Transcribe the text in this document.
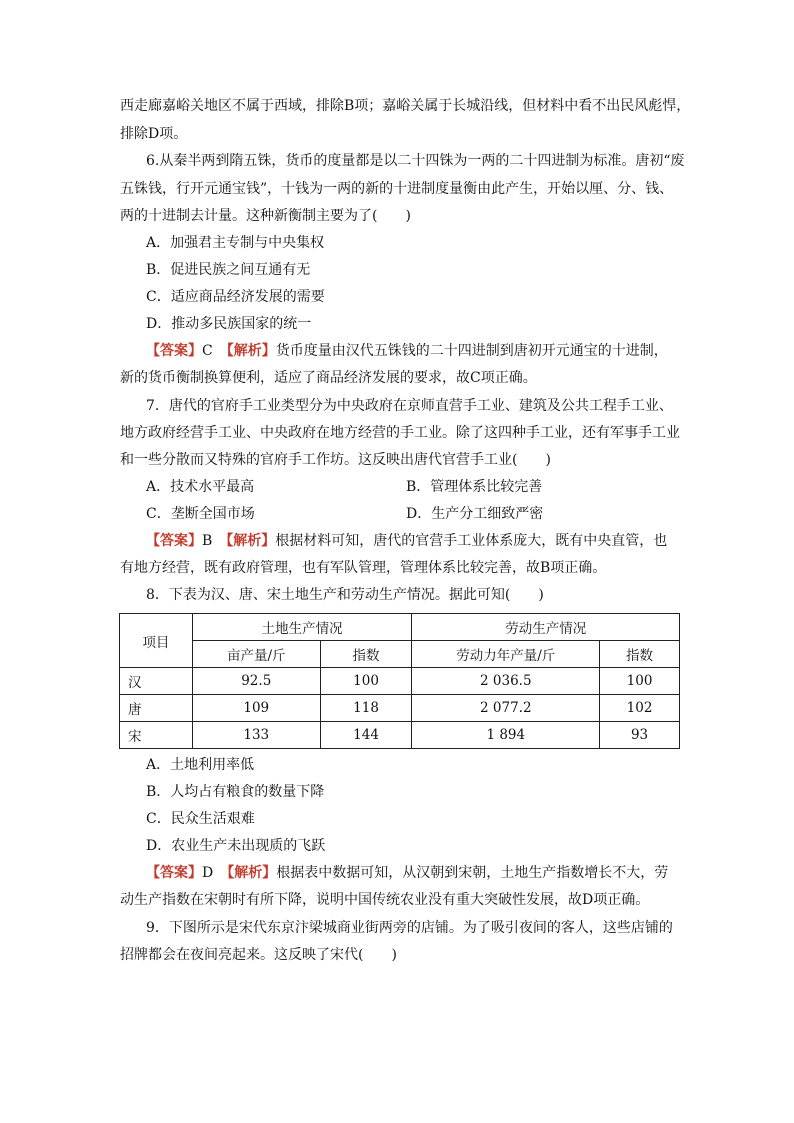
西走廊嘉峪关地区不属于西域，排除B项；嘉峪关属于长城沿线，但材料中看不出民风彪悍，
排除D项。
6.从秦半两到隋五铢，货币的度量都是以二十四铢为一两的二十四进制为标准。唐初“废
五铢钱，行开元通宝钱”，十钱为一两的新的十进制度量衡由此产生，开始以厘、分、钱、
两的十进制去计量。这种新衡制主要为了(　　)
A．加强君主专制与中央集权
B．促进民族之间互通有无
C．适应商品经济发展的需要
D．推动多民族国家的统一
【答案】C　【解析】货币度量由汉代五铢钱的二十四进制到唐初开元通宝的十进制，
新的货币衡制换算便利，适应了商品经济发展的要求，故C项正确。
7．唐代的官府手工业类型分为中央政府在京师直营手工业、建筑及公共工程手工业、
地方政府经营手工业、中央政府在地方经营的手工业。除了这四种手工业，还有军事手工业
和一些分散而又特殊的官府手工作坊。这反映出唐代官营手工业(　　)
A．技术水平最高	B．管理体系比较完善
C．垄断全国市场	D．生产分工细致严密
【答案】B　【解析】根据材料可知，唐代的官营手工业体系庞大，既有中央直管，也
有地方经营，既有政府管理，也有军队管理，管理体系比较完善，故B项正确。
8．下表为汉、唐、宋土地生产和劳动生产情况。据此可知(　　)
项目	土地生产情况		劳动生产情况	
	亩产量/斤	指数	劳动力年产量/斤	指数
汉	92.5	100	2 036.5	100
唐	109	118	2 077.2	102
宋	133	144	1 894	93
A．土地利用率低
B．人均占有粮食的数量下降
C．民众生活艰难
D．农业生产未出现质的飞跃
【答案】D　【解析】根据表中数据可知，从汉朝到宋朝，土地生产指数增长不大，劳
动生产指数在宋朝时有所下降，说明中国传统农业没有重大突破性发展，故D项正确。
9．下图所示是宋代东京汴梁城商业街两旁的店铺。为了吸引夜间的客人，这些店铺的
招牌都会在夜间亮起来。这反映了宋代(　　)
